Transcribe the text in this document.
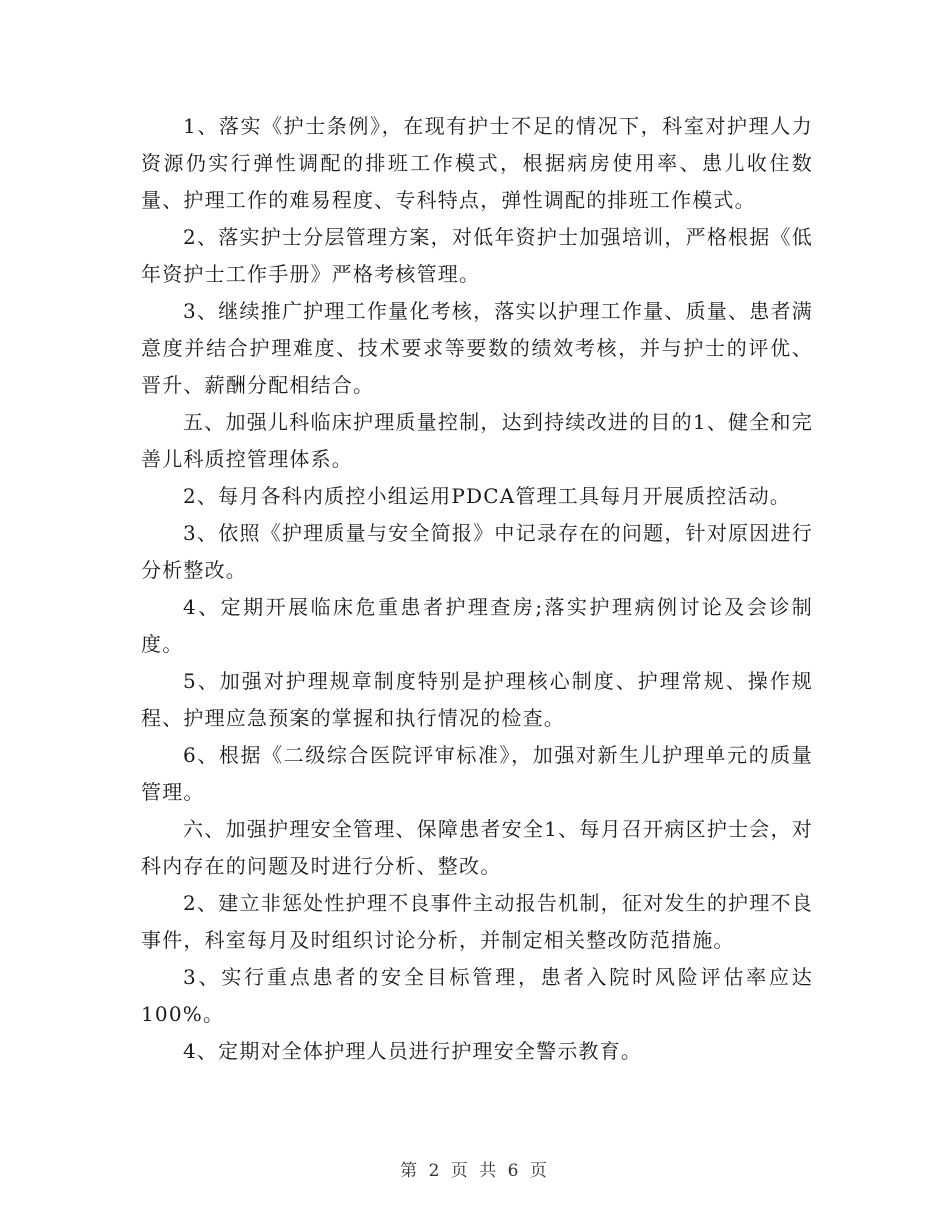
1、落实《护士条例》，在现有护士不足的情况下，科室对护理人力资源仍实行弹性调配的排班工作模式，根据病房使用率、患儿收住数量、护理工作的难易程度、专科特点，弹性调配的排班工作模式。

2、落实护士分层管理方案，对低年资护士加强培训，严格根据《低年资护士工作手册》严格考核管理。

3、继续推广护理工作量化考核，落实以护理工作量、质量、患者满意度并结合护理难度、技术要求等要数的绩效考核，并与护士的评优、晋升、薪酬分配相结合。

五、加强儿科临床护理质量控制，达到持续改进的目的1、健全和完善儿科质控管理体系。

2、每月各科内质控小组运用PDCA管理工具每月开展质控活动。

3、依照《护理质量与安全简报》中记录存在的问题，针对原因进行分析整改。

4、定期开展临床危重患者护理查房;落实护理病例讨论及会诊制度。

5、加强对护理规章制度特别是护理核心制度、护理常规、操作规程、护理应急预案的掌握和执行情况的检查。

6、根据《二级综合医院评审标准》，加强对新生儿护理单元的质量管理。

六、加强护理安全管理、保障患者安全1、每月召开病区护士会，对科内存在的问题及时进行分析、整改。

2、建立非惩处性护理不良事件主动报告机制，征对发生的护理不良事件，科室每月及时组织讨论分析，并制定相关整改防范措施。

3、实行重点患者的安全目标管理，患者入院时风险评估率应达100%。

4、定期对全体护理人员进行护理安全警示教育。

第 2 页 共 6 页
